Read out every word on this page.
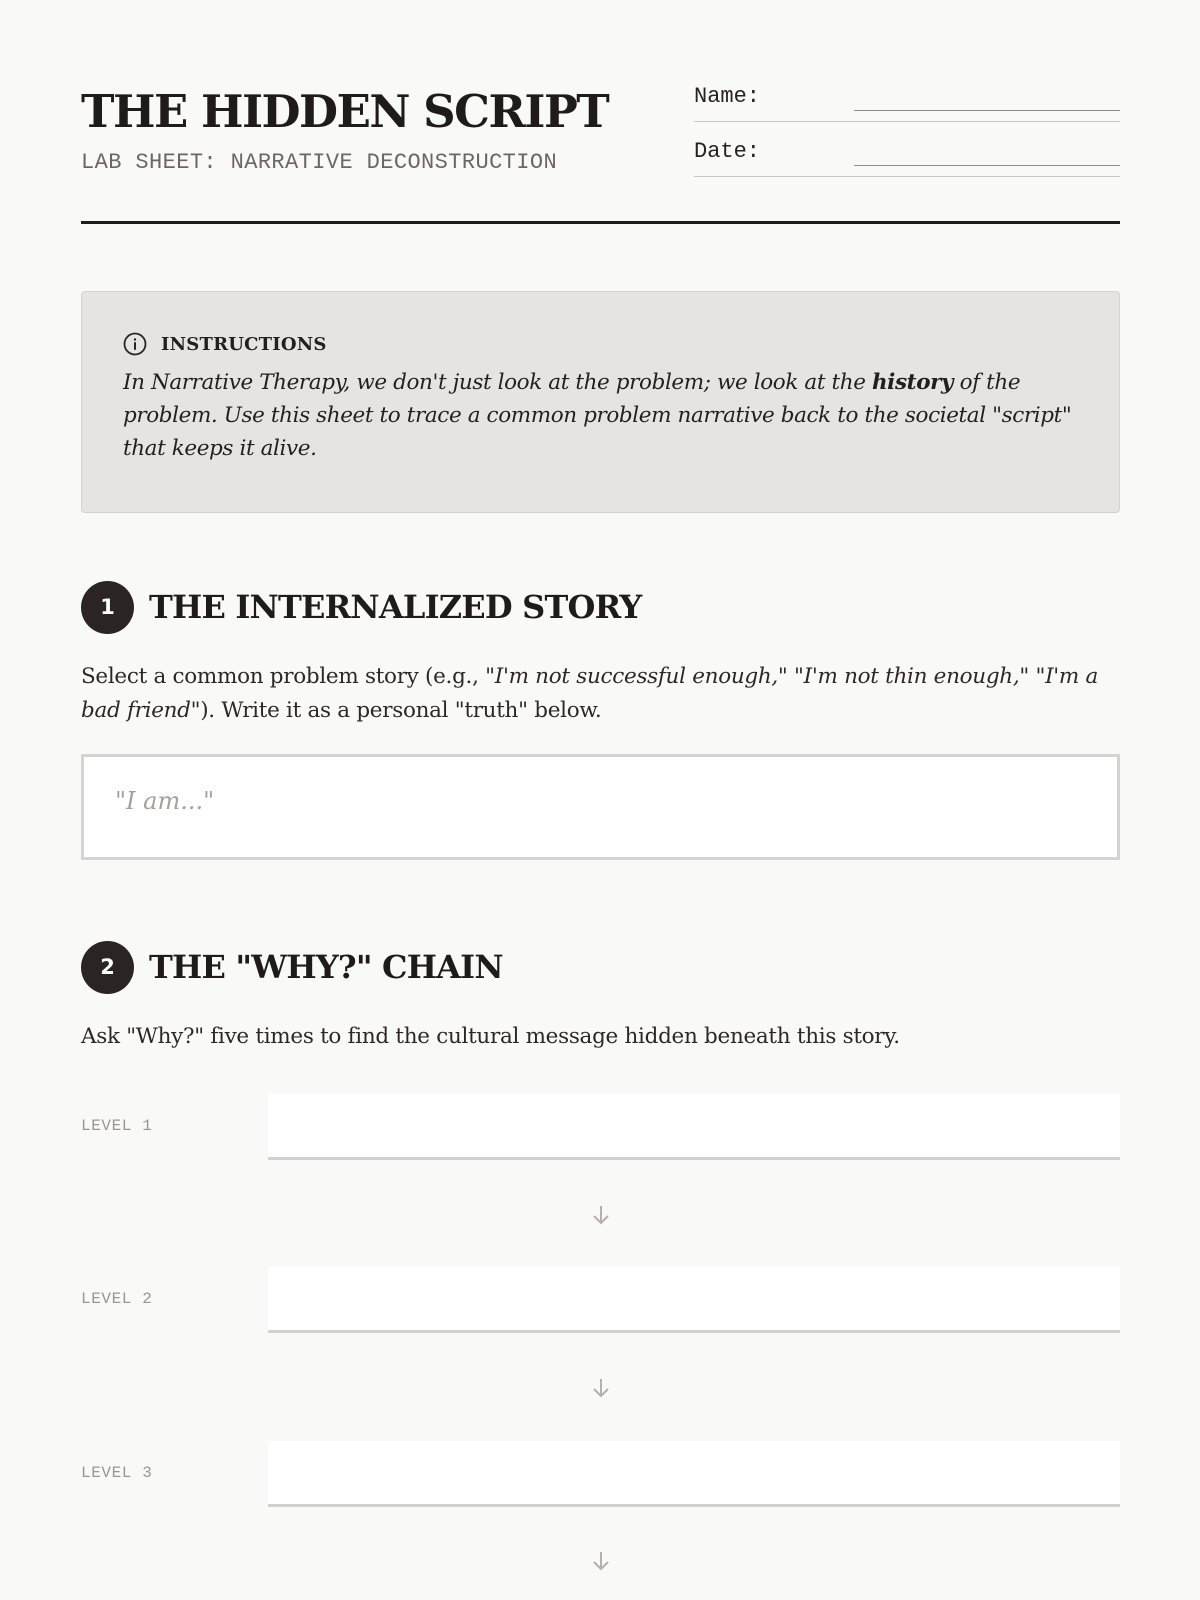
THE HIDDEN SCRIPT
LAB SHEET: NARRATIVE DECONSTRUCTION
Name:
Date:
INSTRUCTIONS

In Narrative Therapy, we don't just look at the problem; we look at the history of the problem. Use this sheet to trace a common problem narrative back to the societal "script" that keeps it alive.

1	THE INTERNALIZED STORY

Select a common problem story (e.g., "I'm not successful enough," "I'm not thin enough," "I'm a bad friend"). Write it as a personal "truth" below.

"I am..."
2	THE "WHY?" CHAIN

Ask "Why?" five times to find the cultural message hidden beneath this story.

LEVEL 1
LEVEL 2
LEVEL 3
